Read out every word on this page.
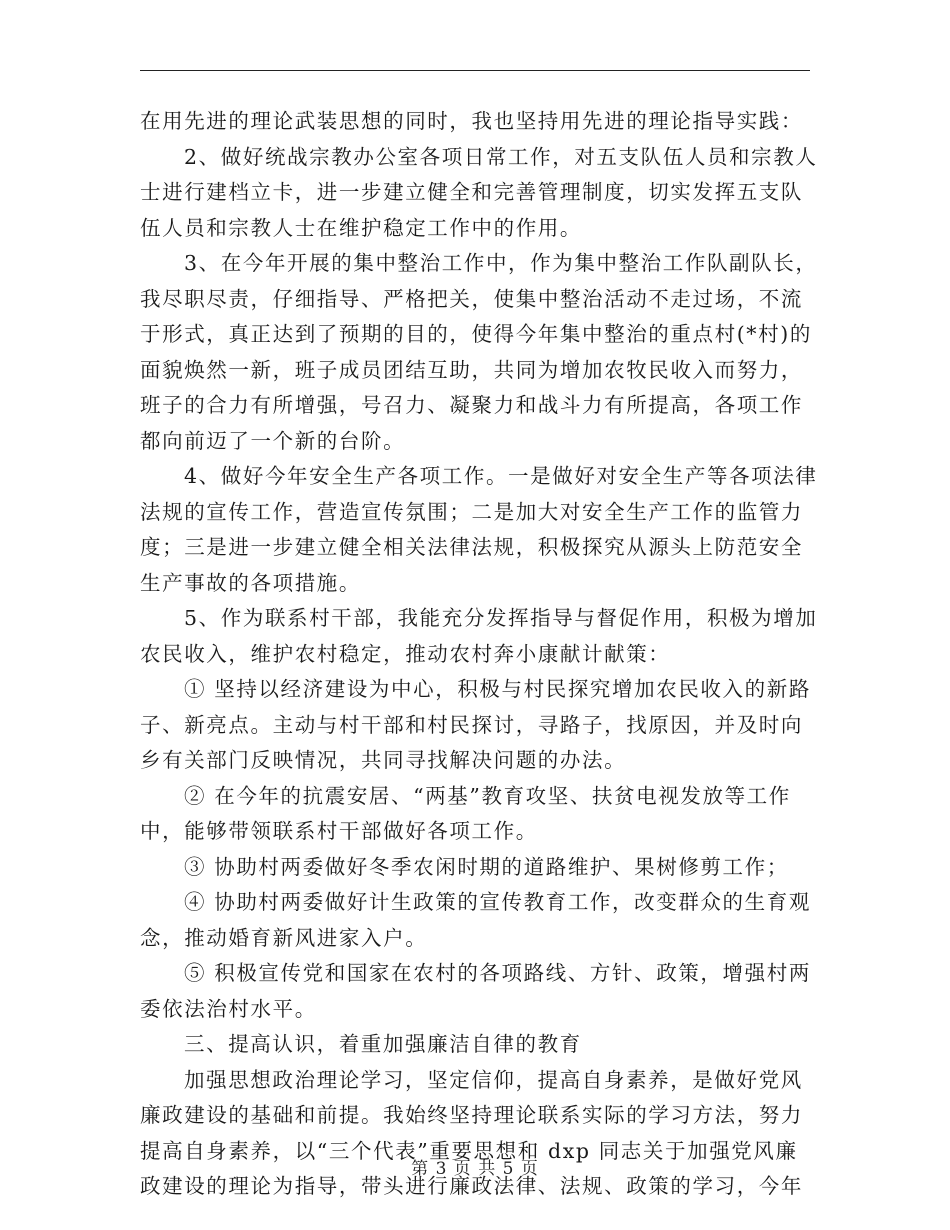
在用先进的理论武装思想的同时，我也坚持用先进的理论指导实践：
2、做好统战宗教办公室各项日常工作，对五支队伍人员和宗教人
士进行建档立卡，进一步建立健全和完善管理制度，切实发挥五支队
伍人员和宗教人士在维护稳定工作中的作用。
3、在今年开展的集中整治工作中，作为集中整治工作队副队长，
我尽职尽责，仔细指导、严格把关，使集中整治活动不走过场，不流
于形式，真正达到了预期的目的，使得今年集中整治的重点村(*村)的
面貌焕然一新，班子成员团结互助，共同为增加农牧民收入而努力，
班子的合力有所增强，号召力、凝聚力和战斗力有所提高，各项工作
都向前迈了一个新的台阶。
4、做好今年安全生产各项工作。一是做好对安全生产等各项法律
法规的宣传工作，营造宣传氛围；二是加大对安全生产工作的监管力
度；三是进一步建立健全相关法律法规，积极探究从源头上防范安全
生产事故的各项措施。
5、作为联系村干部，我能充分发挥指导与督促作用，积极为增加
农民收入，维护农村稳定，推动农村奔小康献计献策：
① 坚持以经济建设为中心，积极与村民探究增加农民收入的新路
子、新亮点。主动与村干部和村民探讨，寻路子，找原因，并及时向
乡有关部门反映情况，共同寻找解决问题的办法。
② 在今年的抗震安居、“两基”教育攻坚、扶贫电视发放等工作
中，能够带领联系村干部做好各项工作。
③ 协助村两委做好冬季农闲时期的道路维护、果树修剪工作；
④ 协助村两委做好计生政策的宣传教育工作，改变群众的生育观
念，推动婚育新风进家入户。
⑤ 积极宣传党和国家在农村的各项路线、方针、政策，增强村两
委依法治村水平。
三、提高认识，着重加强廉洁自律的教育
加强思想政治理论学习，坚定信仰，提高自身素养，是做好党风
廉政建设的基础和前提。我始终坚持理论联系实际的学习方法，努力
提高自身素养，以“三个代表”重要思想和 dxp 同志关于加强党风廉
政建设的理论为指导，带头进行廉政法律、法规、政策的学习，今年
第 3 页 共 5 页
